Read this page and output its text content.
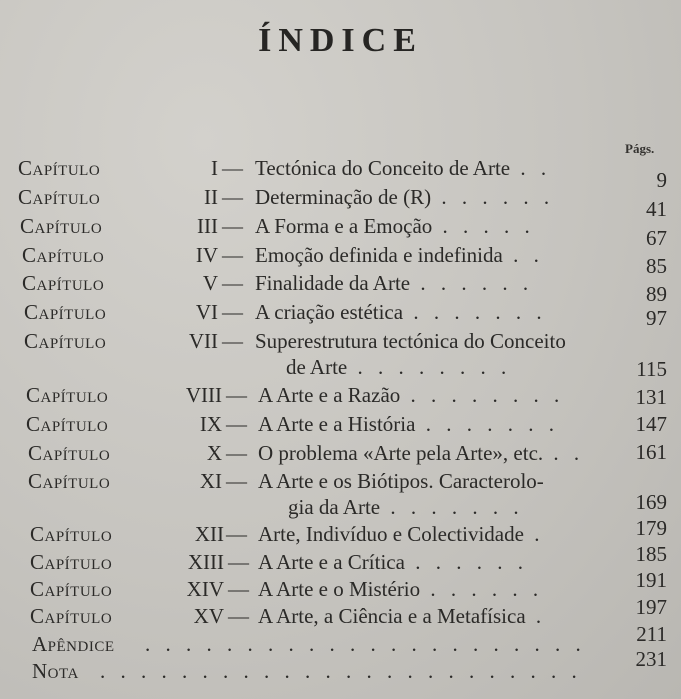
ÍNDICE
Págs.
Capítulo	I — Tectónica do Conceito de Arte . .	9
Capítulo	II — Determinação de (R) . . . . . .	41
Capítulo	III — A Forma e a Emoção . . . . .	67
Capítulo	IV — Emoção definida e indefinida . .	85
Capítulo	V — Finalidade da Arte . . . . . .	89
Capítulo	VI — A criação estética . . . . . . .	97
Capítulo	VII — Superestrutura tectónica do Conceito
de Arte . . . . . . . .	115
Capítulo	VIII — A Arte e a Razão . . . . . . . .	131
Capítulo	IX — A Arte e a História . . . . . . .	147
Capítulo	X — O problema «Arte pela Arte», etc. . .	161
Capítulo	XI — A Arte e os Biótipos. Caracterolo-
gia da Arte . . . . . . .	169
Capítulo	XII — Arte, Indivíduo e Colectividade .	179
Capítulo	XIII — A Arte e a Crítica . . . . . .	185
Capítulo	XIV — A Arte e o Mistério . . . . . .	191
Capítulo	XV — A Arte, a Ciência e a Metafísica .	197
Apêndice . . . . . . . . . . . . . . . . . . . . . .	211
Nota . . . . . . . . . . . . . . . . . . . . . . . .	231
